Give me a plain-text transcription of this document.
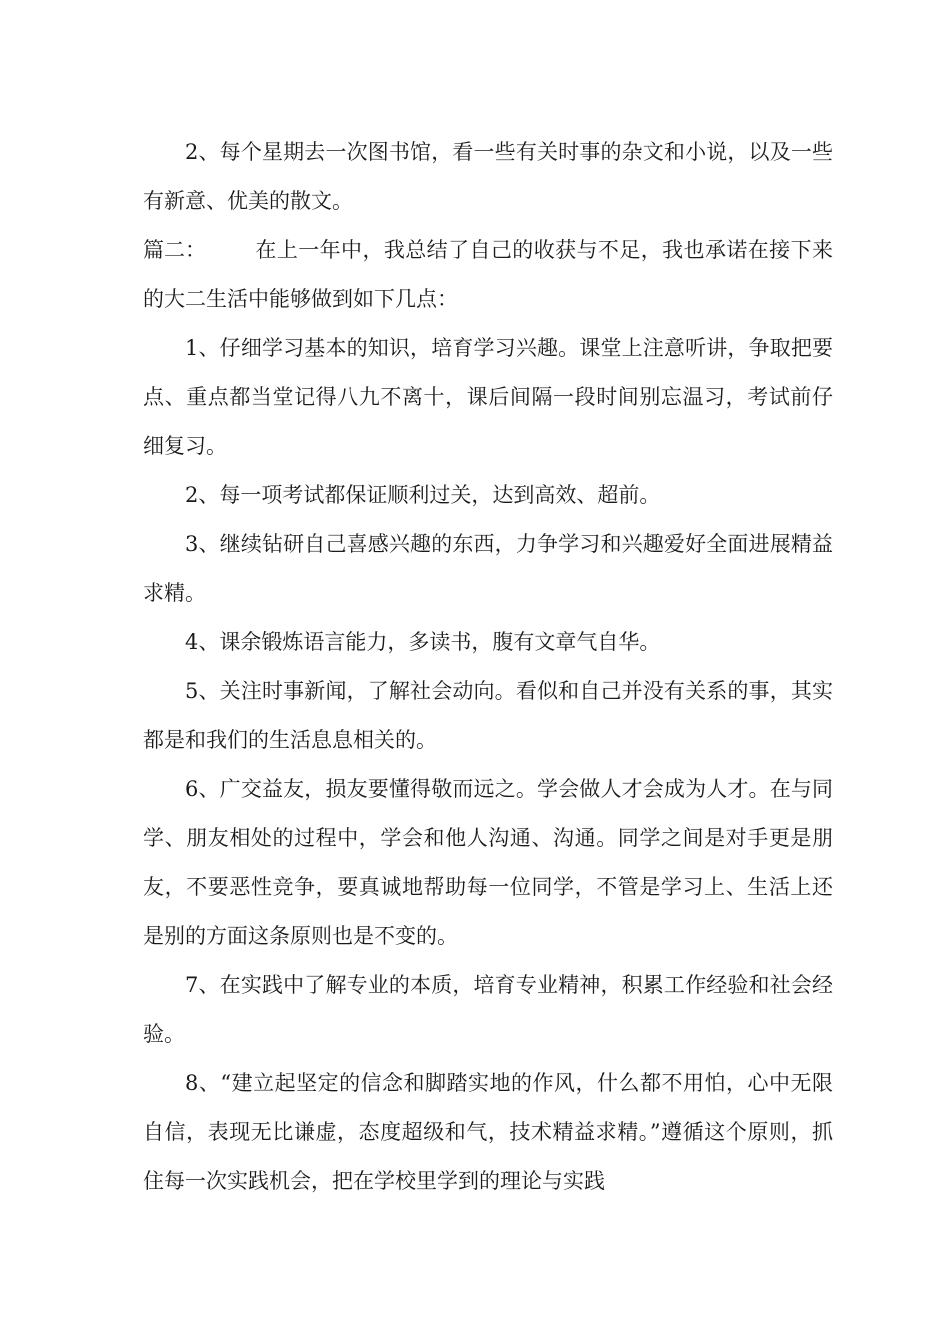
2、每个星期去一次图书馆，看一些有关时事的杂文和小说，以及一些有新意、优美的散文。

篇二： 在上一年中，我总结了自己的收获与不足，我也承诺在接下来的大二生活中能够做到如下几点：

1、仔细学习基本的知识，培育学习兴趣。课堂上注意听讲，争取把要点、重点都当堂记得八九不离十，课后间隔一段时间别忘温习，考试前仔细复习。

2、每一项考试都保证顺利过关，达到高效、超前。

3、继续钻研自己喜感兴趣的东西，力争学习和兴趣爱好全面进展精益求精。

4、课余锻炼语言能力，多读书，腹有文章气自华。

5、关注时事新闻，了解社会动向。看似和自己并没有关系的事，其实都是和我们的生活息息相关的。

6、广交益友，损友要懂得敬而远之。学会做人才会成为人才。在与同学、朋友相处的过程中，学会和他人沟通、沟通。同学之间是对手更是朋友，不要恶性竞争，要真诚地帮助每一位同学，不管是学习上、生活上还是别的方面这条原则也是不变的。

7、在实践中了解专业的本质，培育专业精神，积累工作经验和社会经验。

8、“建立起坚定的信念和脚踏实地的作风，什么都不用怕，心中无限自信，表现无比谦虚，态度超级和气，技术精益求精。”遵循这个原则，抓住每一次实践机会，把在学校里学到的理论与实践
